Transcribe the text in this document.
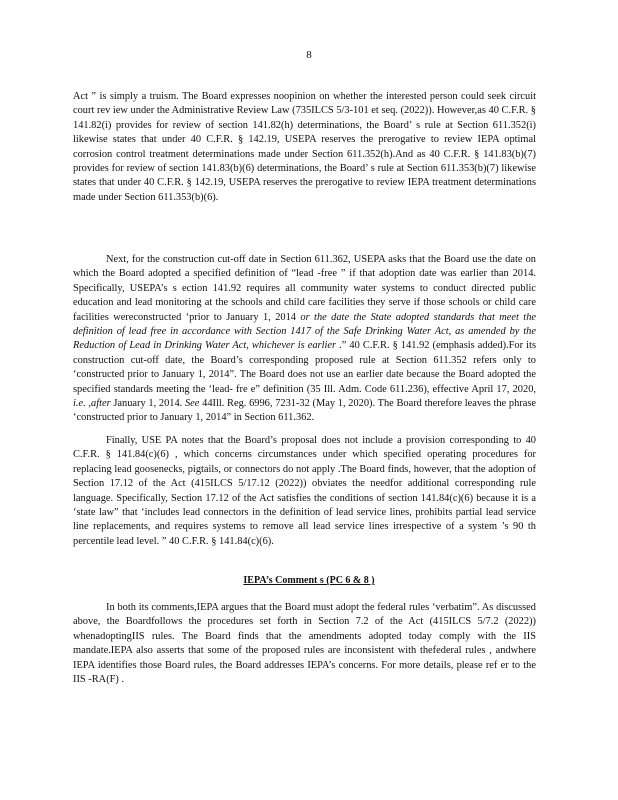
8

Act ” is simply a truism. The Board expresses noopinion on whether the interested person could seek circuit court rev iew under the Administrative Review Law (735ILCS 5/3-101 et seq. (2022)). However,as 40 C.F.R. § 141.82(i) provides for review of section 141.82(h) determinations, the Board’ s rule at Section 611.352(i) likewise states that under 40 C.F.R. § 142.19, USEPA reserves the prerogative to review IEPA optimal corrosion control treatment determinations made under Section 611.352(h).And as 40 C.F.R. § 141.83(b)(7) provides for review of section 141.83(b)(6) determinations, the Board’ s rule at Section 611.353(b)(7) likewise states that under 40 C.F.R. § 142.19, USEPA reserves the prerogative to review IEPA treatment determinations made under Section 611.353(b)(6).

Next, for the construction cut-off date in Section 611.362, USEPA asks that the Board use the date on which the Board adopted a specified definition of “lead -free ” if that adoption date was earlier than 2014. Specifically, USEPA’s s ection 141.92 requires all community water systems to conduct directed public education and lead monitoring at the schools and child care facilities they serve if those schools or child care facilities wereconstructed ‘prior to January 1, 2014 or the date the State adopted standards that meet the definition of lead free in accordance with Section 1417 of the Safe Drinking Water Act, as amended by the Reduction of Lead in Drinking Water Act, whichever is earlier .” 40 C.F.R. § 141.92 (emphasis added).For its construction cut-off date, the Board’s corresponding proposed rule at Section 611.352 refers only to ‘constructed prior to January 1, 2014”. The Board does not use an earlier date because the Board adopted the specified standards meeting the ‘lead- fre e” definition (35 Ill. Adm. Code 611.236), effective April 17, 2020, i.e. ,after January 1, 2014. See 44Ill. Reg. 6996, 7231-32 (May 1, 2020). The Board therefore leaves the phrase ‘constructed prior to January 1, 2014” in Section 611.362.

Finally, USE PA notes that the Board’s proposal does not include a provision corresponding to 40 C.F.R. § 141.84(c)(6) , which concerns circumstances under which specified operating procedures for replacing lead goosenecks, pigtails, or connectors do not apply .The Board finds, however, that the adoption of Section 17.12 of the Act (415ILCS 5/17.12 (2022)) obviates the needfor additional corresponding rule language. Specifically, Section 17.12 of the Act satisfies the conditions of section 141.84(c)(6) because it is a ‘state law” that ‘includes lead connectors in the definition of lead service lines, prohibits partial lead service line replacements, and requires systems to remove all lead service lines irrespective of a system ’s 90 th percentile lead level. ” 40 C.F.R. § 141.84(c)(6).

IEPA’s Comment s (PC 6 & 8 )

In both its comments,IEPA argues that the Board must adopt the federal rules ‘verbatim”. As discussed above, the Boardfollows the procedures set forth in Section 7.2 of the Act (415ILCS 5/7.2 (2022)) whenadoptingIIS rules. The Board finds that the amendments adopted today comply with the IIS mandate.IEPA also asserts that some of the proposed rules are inconsistent with thefederal rules , andwhere IEPA identifies those Board rules, the Board addresses IEPA’s concerns. For more details, please ref er to the IIS -RA(F) .
